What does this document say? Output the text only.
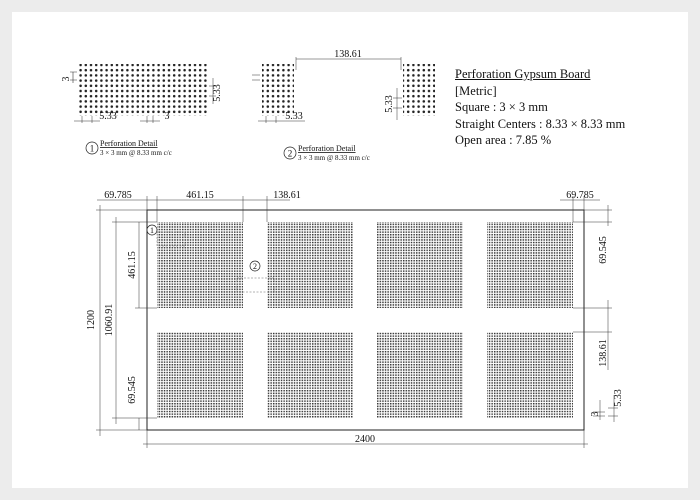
3
5.33	3
5.33
1 Perforation Detail
3 × 3 mm @ 8.33 mm c/c
138.61
5.33
5.33
2 Perforation Detail
3 × 3 mm @ 8.33 mm c/c
1
2
69.785	461.15	138.61	69.785
1200 1060.91
461.15
69.545
69.545
138.61
3
5.33
2400
Perforation Gypsum Board
[Metric]
Square : 3 × 3 mm
Straight Centers : 8.33 × 8.33 mm
Open area : 7.85 %
